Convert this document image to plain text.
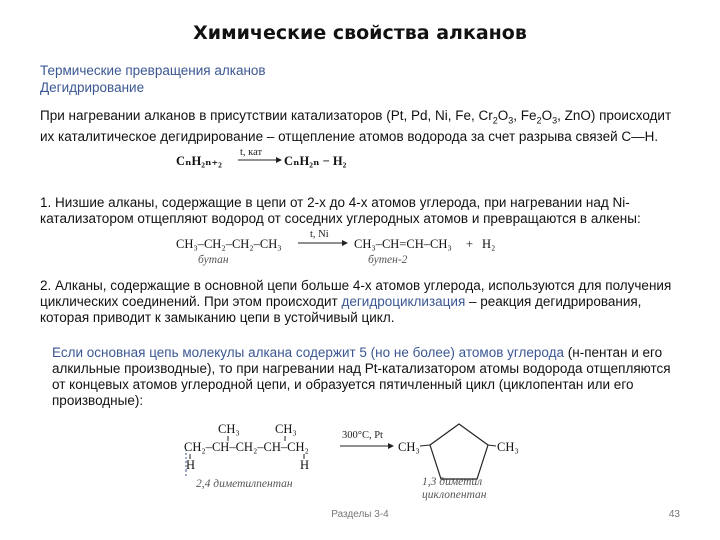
Химические свойства алканов
Термические превращения алканов
Дегидрирование
При нагревании алканов в присутствии катализаторов (Pt, Pd, Ni, Fe, $Cr_2O_3$, $Fe_2O_3$, ZnO) происходит их каталитическое дегидрирование – отщепление атомов водорода за счет разрыва связей С—Н.
CₙH₂ₙ₊₂
t, кат
CₙH₂ₙ − H₂
1. Низшие алканы, содержащие в цепи от 2-х до 4-х атомов углерода, при нагревании над Ni-катализатором отщепляют водород от соседних углеродных атомов и превращаются в алкены:
CH₃–CH₂–CH₂–CH₃
t, Ni
CH₃–CH=CH–CH₃ + H₂
бутан	бутен-2
2. Алканы, содержащие в основной цепи больше 4-х атомов углерода, используются для получения циклических соединений. При этом происходит дегидроциклизация – реакция дегидрирования, которая приводит к замыканию цепи в устойчивый цикл.
Если основная цепь молекулы алкана содержит 5 (но не более) атомов углерода (н-пентан и его алкильные производные), то при нагревании над Pt-катализатором атомы водорода отщепляются от концевых атомов углеродной цепи, и образуется пятичленный цикл (циклопентан или его производные):
CH₃	CH₃
CH₂–CH–CH₂–CH–CH₂
H	H
2,4 диметилпентан
300°C, Pt
CH₃	CH₃
1,3 диметил
циклопентан
Разделы 3-4	43
